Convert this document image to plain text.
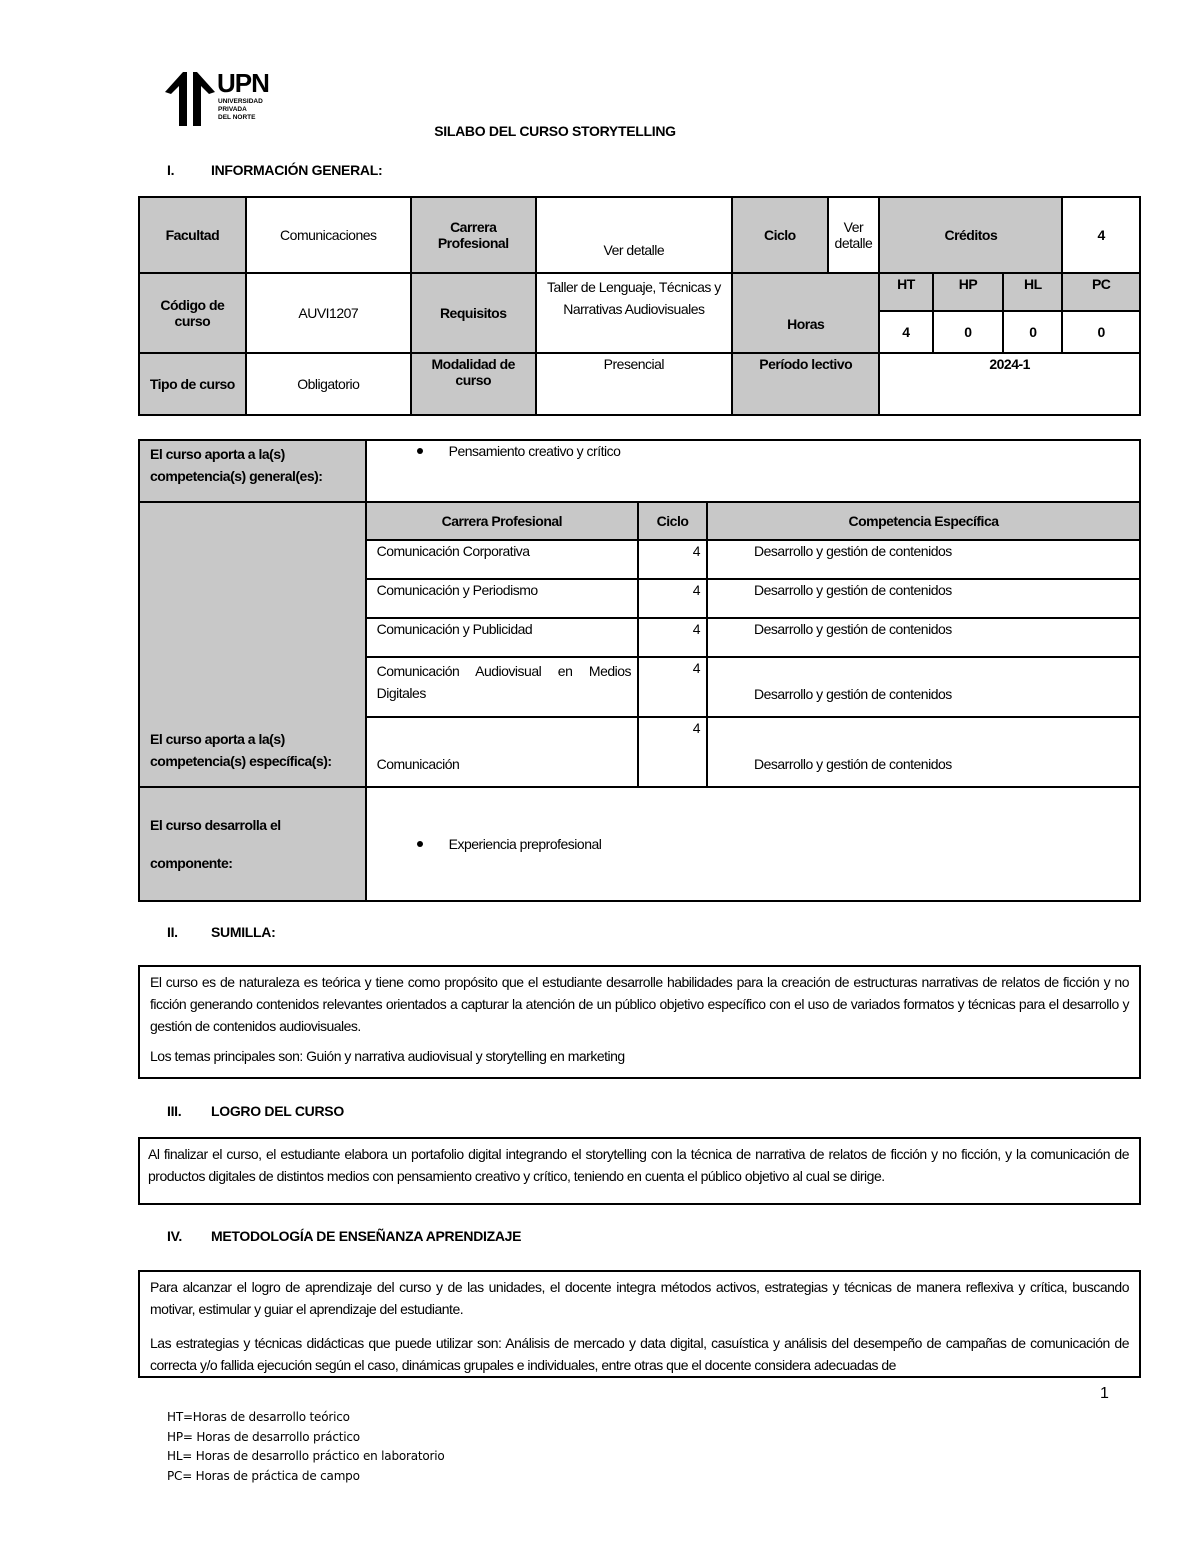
UPN
UNIVERSIDAD
PRIVADA
DEL NORTE
SILABO DEL CURSO STORYTELLING
I.	INFORMACIÓN GENERAL:
Facultad	Comunicaciones	Carrera Profesional	Ver detalle	Ciclo	Ver detalle	Créditos			4
Código de curso	AUVI1207	Requisitos	Taller de Lenguaje, Técnicas y Narrativas Audiovisuales	Horas		HT	HP	HL	PC
						4	0	0	0
Tipo de curso	Obligatorio	Modalidad de curso	Presencial	Período lectivo		2024-1			
El curso aporta a la(s) competencia(s) general(es):	Pensamiento creativo y crítico		
El curso aporta a la(s) competencia(s) específica(s):	Carrera Profesional	Ciclo	Competencia Específica
	Comunicación Corporativa	4	Desarrollo y gestión de contenidos
	Comunicación y Periodismo	4	Desarrollo y gestión de contenidos
	Comunicación y Publicidad	4	Desarrollo y gestión de contenidos
	Comunicación Audiovisual en Medios Digitales	4	Desarrollo y gestión de contenidos
	Comunicación	4	Desarrollo y gestión de contenidos

El curso desarrolla el
componente:	Experiencia preprofesional		
II. SUMILLA:

El curso es de naturaleza es teórica y tiene como propósito que el estudiante desarrolle habilidades para la creación de estructuras narrativas de relatos de ficción y no ficción generando contenidos relevantes orientados a capturar la atención de un público objetivo específico con el uso de variados formatos y técnicas para el desarrollo y gestión de contenidos audiovisuales.

Los temas principales son: Guión y narrativa audiovisual y storytelling en marketing

III. LOGRO DEL CURSO

Al finalizar el curso, el estudiante elabora un portafolio digital integrando el storytelling con la técnica de narrativa de relatos de ficción y no ficción, y la comunicación de productos digitales de distintos medios con pensamiento creativo y crítico, teniendo en cuenta el público objetivo al cual se dirige.

IV. METODOLOGÍA DE ENSEÑANZA APRENDIZAJE

Para alcanzar el logro de aprendizaje del curso y de las unidades, el docente integra métodos activos, estrategias y técnicas de manera reflexiva y crítica, buscando motivar, estimular y guiar el aprendizaje del estudiante.

Las estrategias y técnicas didácticas que puede utilizar son: Análisis de mercado y data digital, casuística y análisis del desempeño de campañas de comunicación de correcta y/o fallida ejecución según el caso, dinámicas grupales e individuales, entre otras que el docente considera adecuadas de

1
HT=Horas de desarrollo teórico
HP= Horas de desarrollo práctico
HL= Horas de desarrollo práctico en laboratorio
PC= Horas de práctica de campo
